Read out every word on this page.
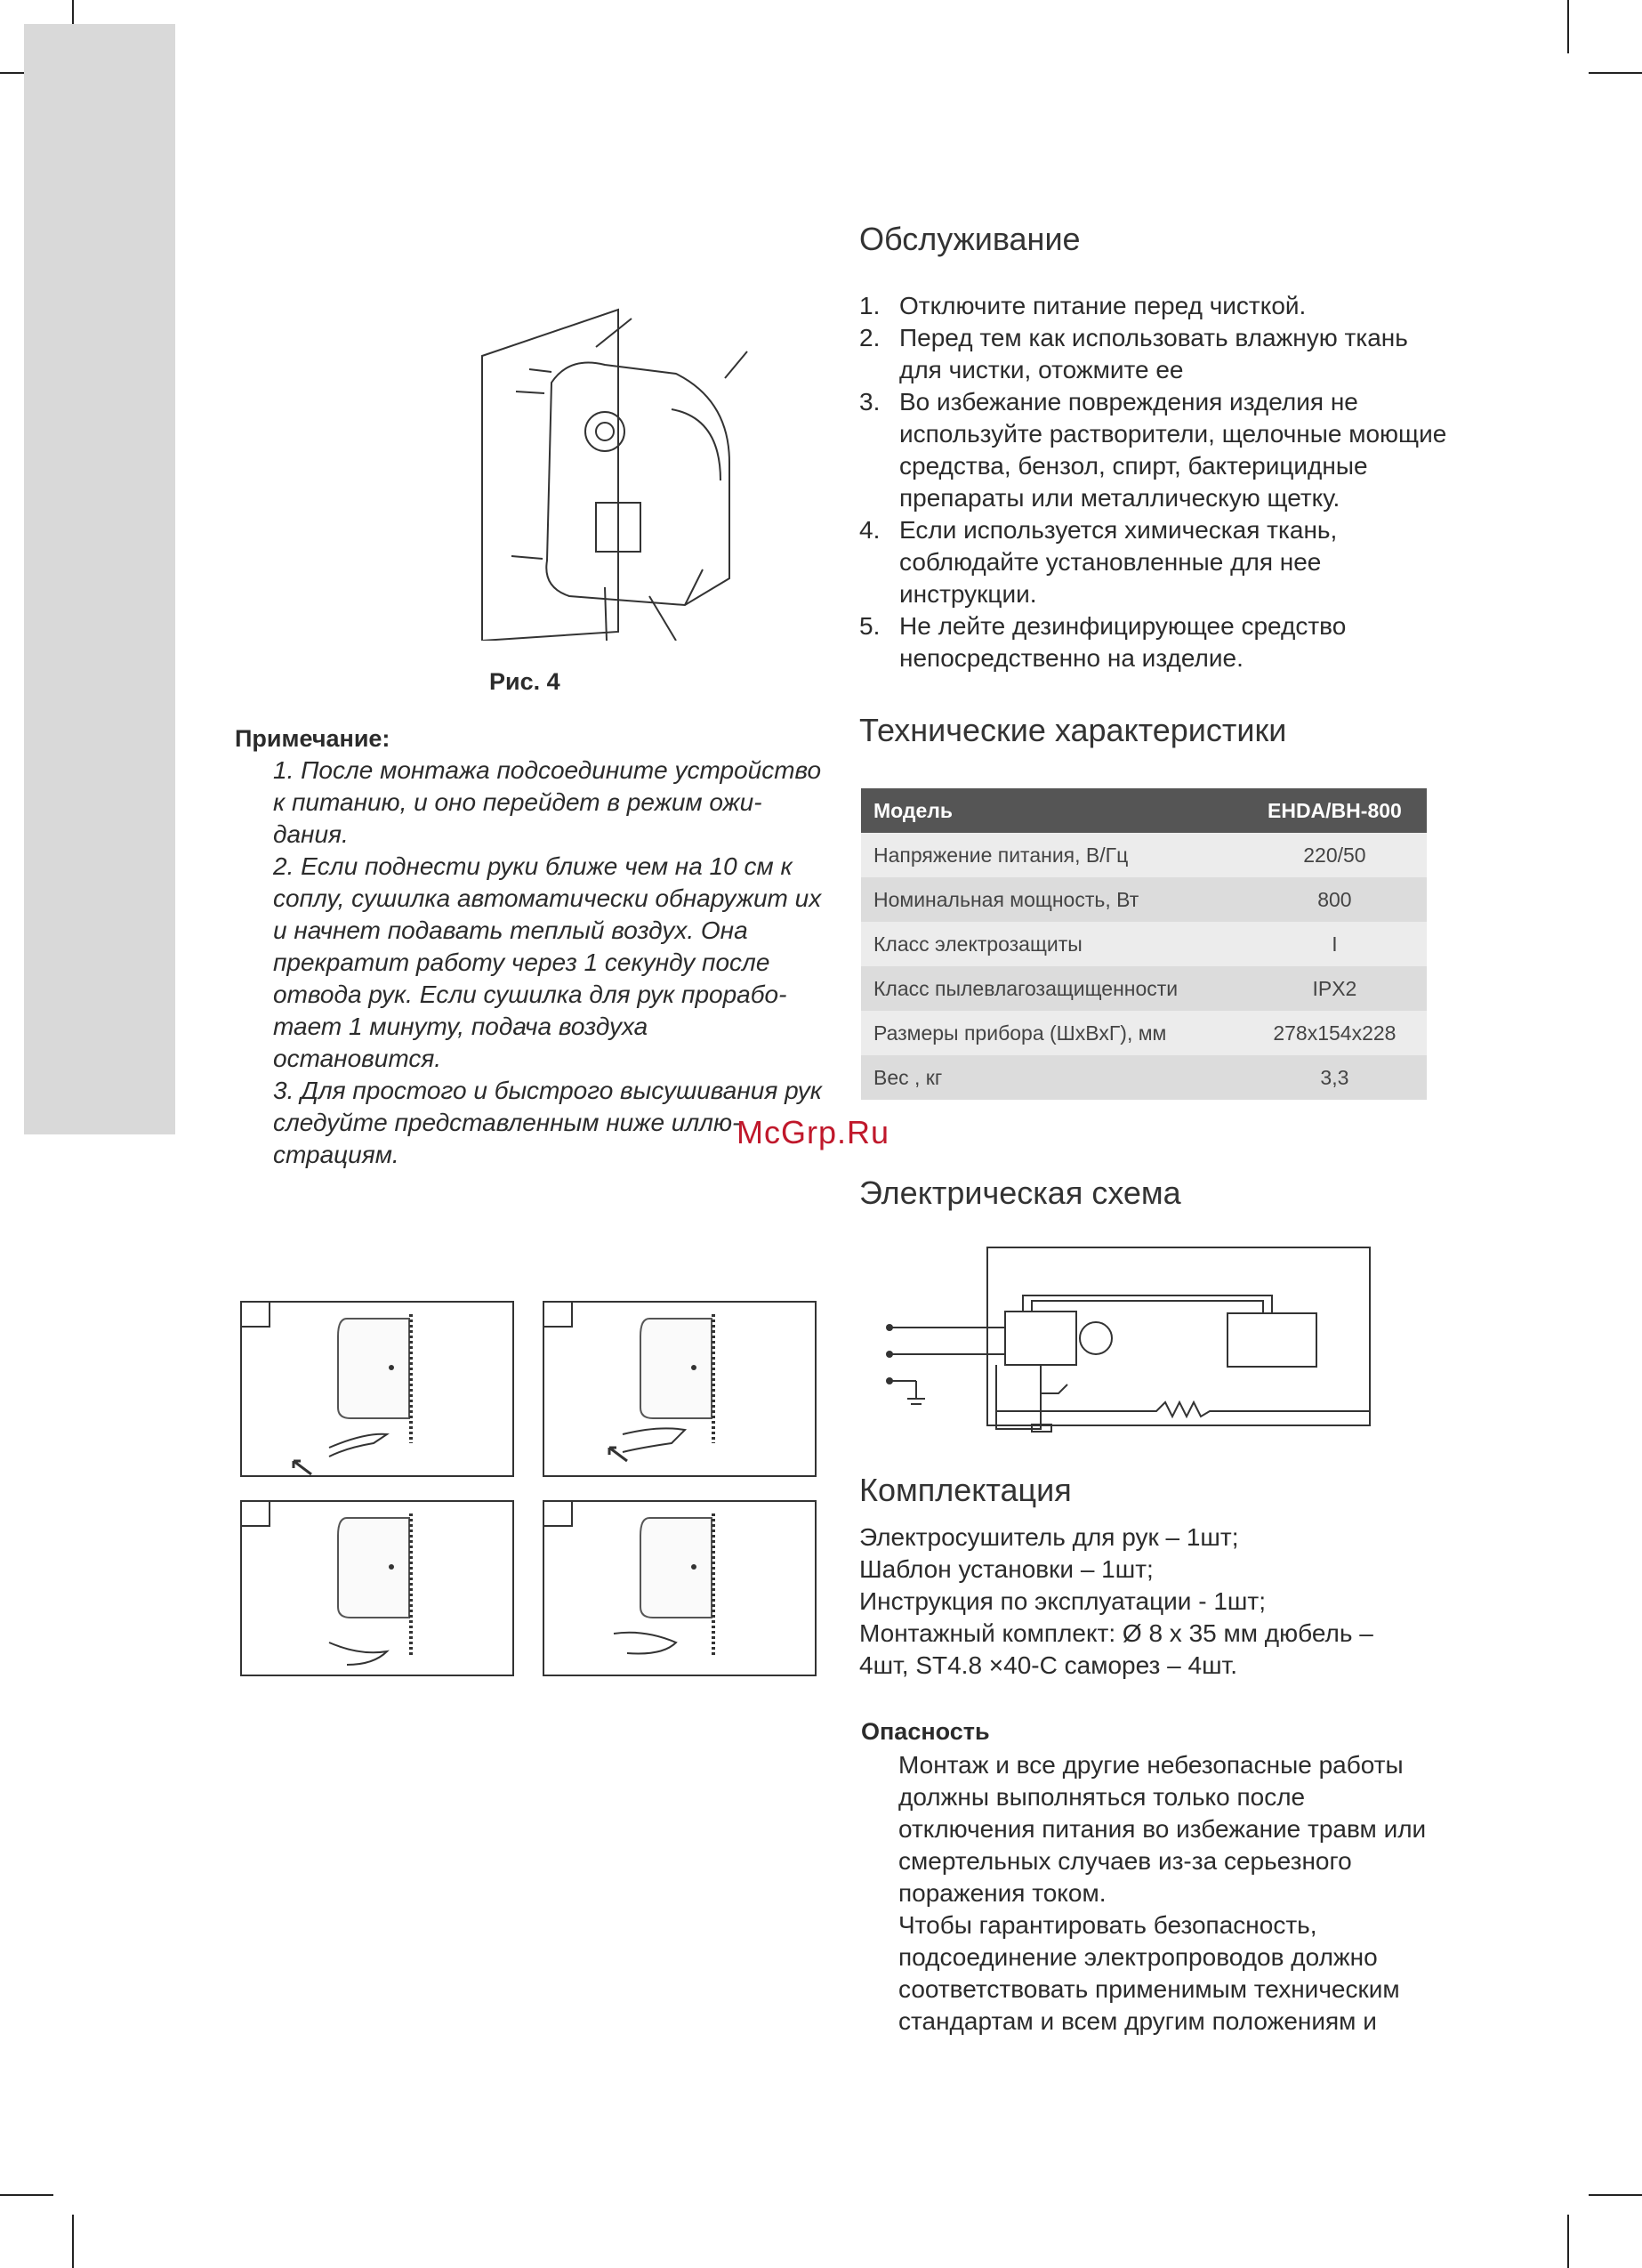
Рис. 4
Примечание:

1. После монтажа подсоедините устройство к питанию, и оно перейдет в режим ожи-дания.

2. Если поднести руки ближе чем на 10 см к соплу, сушилка автоматически обнаружит их и начнет подавать теплый воздух. Она прекратит работу через 1 секунду после отвода рук. Если сушилка для рук прорабо-тает 1 минуту, подача воздуха остановится.

3. Для простого и быстрого высушивания рук следуйте представленным ниже иллю-страциям.

Обслуживание
1. Отключите питание перед чисткой.
2. Перед тем как использовать влажную ткань для чистки, отожмите ее
3. Во избежание повреждения изделия не используйте растворители, щелочные моющие средства, бензол, спирт, бактерицидные препараты или металлическую щетку.
4. Если используется химическая ткань, соблюдайте установленные для нее инструкции.
5. Не лейте дезинфицирующее средство непосредственно на изделие.
Технические характеристики
Модель	EHDA/BH-800
Напряжение питания, В/Гц	220/50
Номинальная мощность, Вт	800
Класс электрозащиты	I
Класс пылевлагозащищенности	IPX2
Размеры прибора (ШхВхГ), мм	278x154x228
Вес , кг	3,3
McGrp.Ru
Электрическая схема
Комплектация
Электросушитель для рук – 1шт;
Шаблон установки – 1шт;
Инструкция по эксплуатации - 1шт;
Монтажный комплект: Ø 8 х 35 мм дюбель – 4шт, ST4.8 ×40-C саморез – 4шт.
Опасность

Монтаж и все другие небезопасные работы должны выполняться только после отключения питания во избежание травм или смертельных случаев из-за серьезного поражения током.

Чтобы гарантировать безопасность, подсоединение электропроводов должно соответствовать применимым техническим стандартам и всем другим положениям и
